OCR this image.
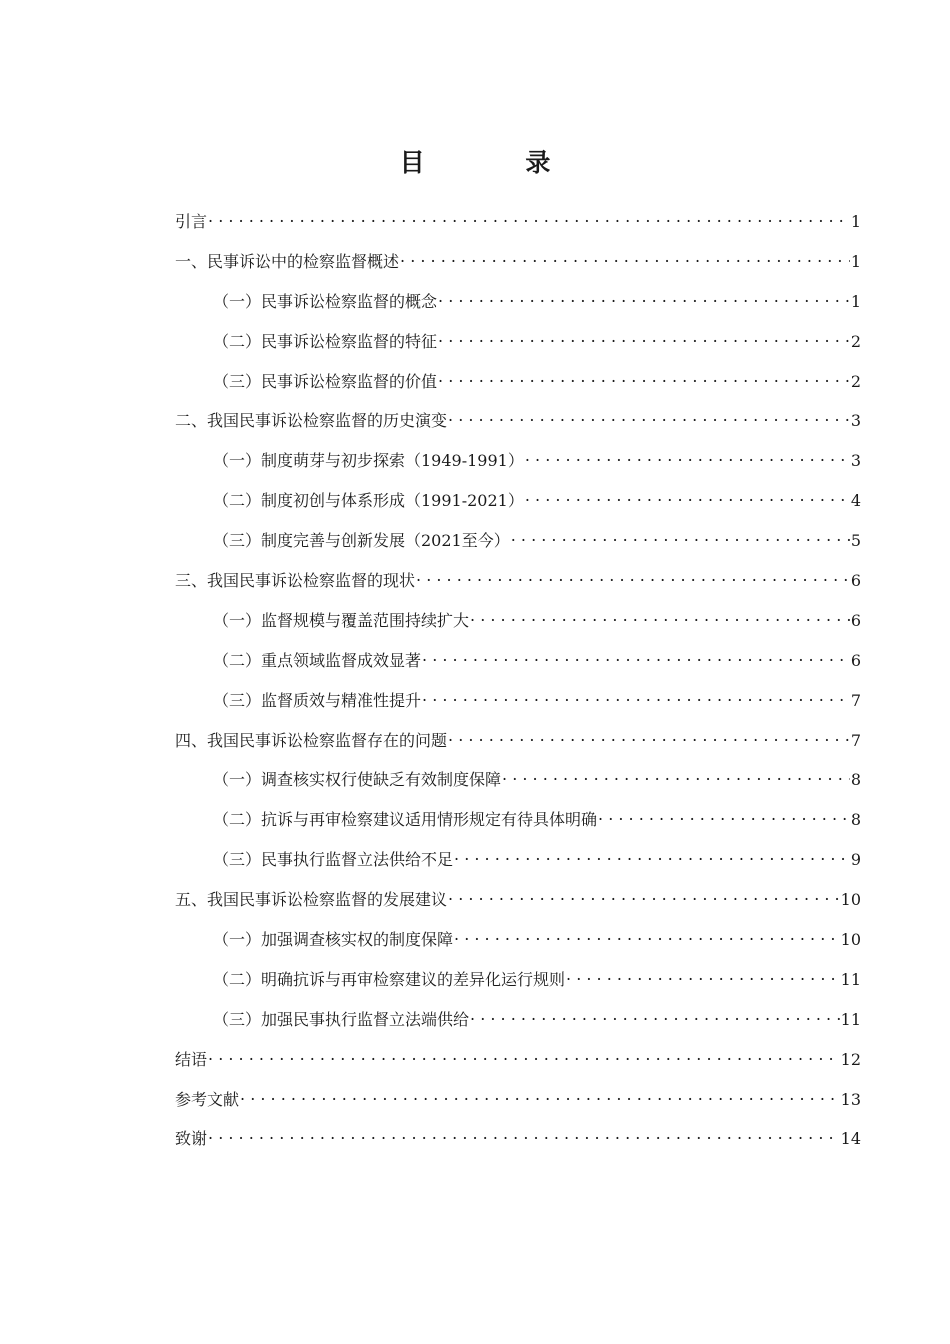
目 录
引言 . . .	1
一、民事诉讼中的检察监督概述 . . .	1
（一）民事诉讼检察监督的概念 . . .	1
（二）民事诉讼检察监督的特征 . . .	2
（三）民事诉讼检察监督的价值 . . .	2
二、我国民事诉讼检察监督的历史演变 . . .	3
（一）制度萌芽与初步探索（1949-1991） . . .	3
（二）制度初创与体系形成（1991-2021） . . .	4
（三）制度完善与创新发展（2021至今） . . .	5
三、我国民事诉讼检察监督的现状 . . .	6
（一）监督规模与覆盖范围持续扩大 . . .	6
（二）重点领域监督成效显著 . . .	6
（三）监督质效与精准性提升 . . .	7
四、我国民事诉讼检察监督存在的问题 . . .	7
（一）调查核实权行使缺乏有效制度保障 . . .	8
（二）抗诉与再审检察建议适用情形规定有待具体明确 . . .	8
（三）民事执行监督立法供给不足 . . .	9
五、我国民事诉讼检察监督的发展建议 . . .	10
（一）加强调查核实权的制度保障 . . .	10
（二）明确抗诉与再审检察建议的差异化运行规则 . . .	11
（三）加强民事执行监督立法端供给 . . .	11
结语 . . .	12
参考文献 . . .	13
致谢 . . .	14
